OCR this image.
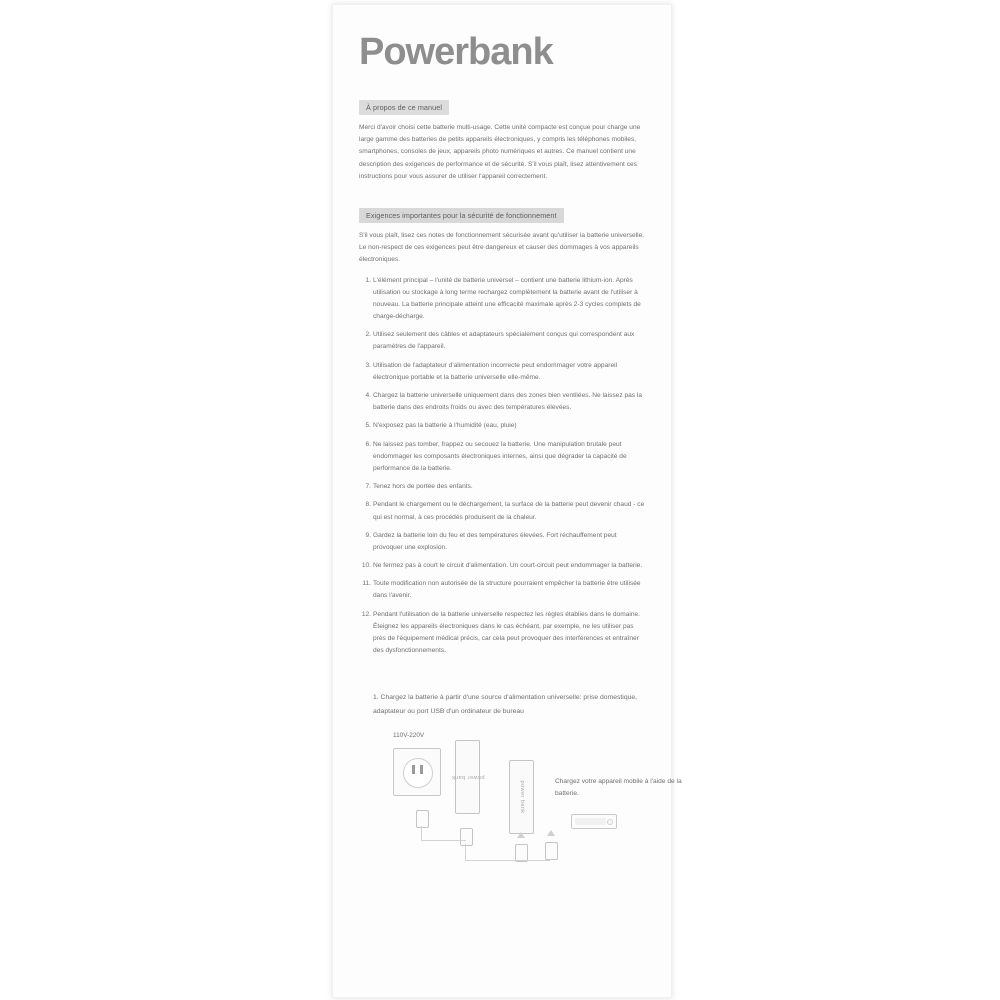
Powerbank
À propos de ce manuel
Merci d'avoir choisi cette batterie multi-usage. Cette unité compacte est conçue pour charge une large gamme des batteries de petits appareils électroniques, y compris les téléphones mobiles, smartphones, consoles de jeux, appareils photo numériques et autres. Ce manuel contient une description des exigences de performance et de sécurité. S'il vous plaît, lisez attentivement ces instructions pour vous assurer de utiliser l'appareil correctement.
Exigences importantes pour la sécurité de fonctionnement
S'il vous plaît, lisez ces notes de fonctionnement sécurisée avant qu'utiliser la batterie universelle. Le non-respect de ces exigences peut être dangereux et causer des dommages à vos appareils électroniques.
1. L'élément principal – l'unité de batterie universel – contient une batterie lithium-ion. Après utilisation ou stockage à long terme rechargez complètement la batterie avant de l'utiliser à nouveau. La batterie principale atteint une efficacité maximale après 2-3 cycles complets de charge-décharge.
2. Utilisez seulement des câbles et adaptateurs spécialement conçus qui correspondent aux paramètres de l'appareil.
3. Utilisation de l'adaptateur d'alimentation incorrecte peut endommager votre appareil électronique portable et la batterie universelle elle-même.
4. Chargez la batterie universelle uniquement dans des zones bien ventilées. Ne laissez pas la batterie dans des endroits froids ou avec des températures élevées.
5. N'exposez pas la batterie à l'humidité (eau, pluie)
6. Ne laissez pas tomber, frappez ou secouez la batterie. Une manipulation brutale peut endommager les composants électroniques internes, ainsi que dégrader la capacité de performance de la batterie.
7. Tenez hors de portée des enfants.
8. Pendant le chargement ou le déchargement, la surface de la batterie peut devenir chaud - ce qui est normal, à ces procédés produisent de la chaleur.
9. Gardez la batterie loin du feu et des températures élevées. Fort réchauffement peut provoquer une explosion.
10. Ne fermez pas à court le circuit d'alimentation. Un court-circuit peut endommager la batterie.
11. Toute modification non autorisée de la structure pourraient empêcher la batterie être utilisée dans l'avenir.
12. Pendant l'utilisation de la batterie universelle respectez les règles établies dans le domaine. Éteignez les appareils électroniques dans le cas échéant, par exemple, ne les utiliser pas près de l'équipement médical précis, car cela peut provoquer des interférences et entraîner des dysfonctionnements.
1. Chargez la batterie à partir d'une source d'alimentation universelle: prise domestique, adaptateur ou port USB d'un ordinateur de bureau
110V-220V
power bank
power bank	Chargez votre appareil mobile à l'aide de la batterie.
